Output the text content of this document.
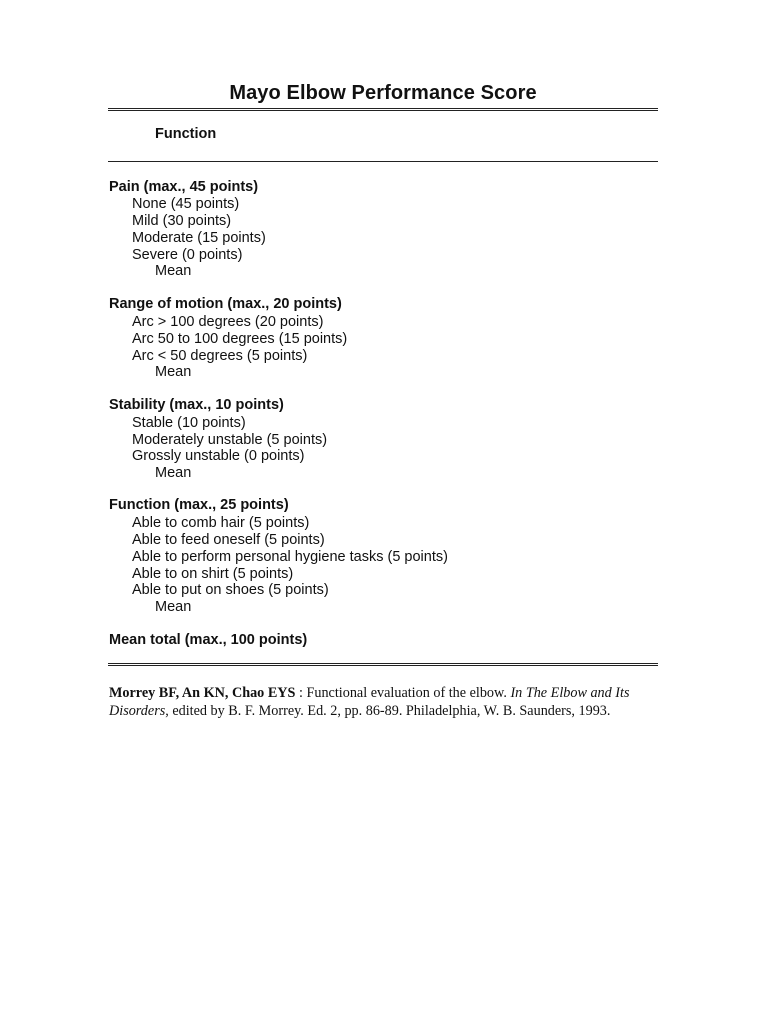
Mayo Elbow Performance Score
Function
Pain (max., 45 points)
None (45 points)
Mild (30 points)
Moderate (15 points)
Severe (0 points)
Mean
Range of motion (max., 20 points)
Arc > 100 degrees (20 points)
Arc 50 to 100 degrees (15 points)
Arc < 50 degrees (5 points)
Mean
Stability (max., 10 points)
Stable (10 points)
Moderately unstable (5 points)
Grossly unstable (0 points)
Mean
Function (max., 25 points)
Able to comb hair (5 points)
Able to feed oneself (5 points)
Able to perform personal hygiene tasks (5 points)
Able to on shirt (5 points)
Able to put on shoes (5 points)
Mean
Mean total (max., 100 points)
Morrey BF, An KN, Chao EYS : Functional evaluation of the elbow. In The Elbow and Its Disorders, edited by B. F. Morrey. Ed. 2, pp. 86-89. Philadelphia, W. B. Saunders, 1993.
